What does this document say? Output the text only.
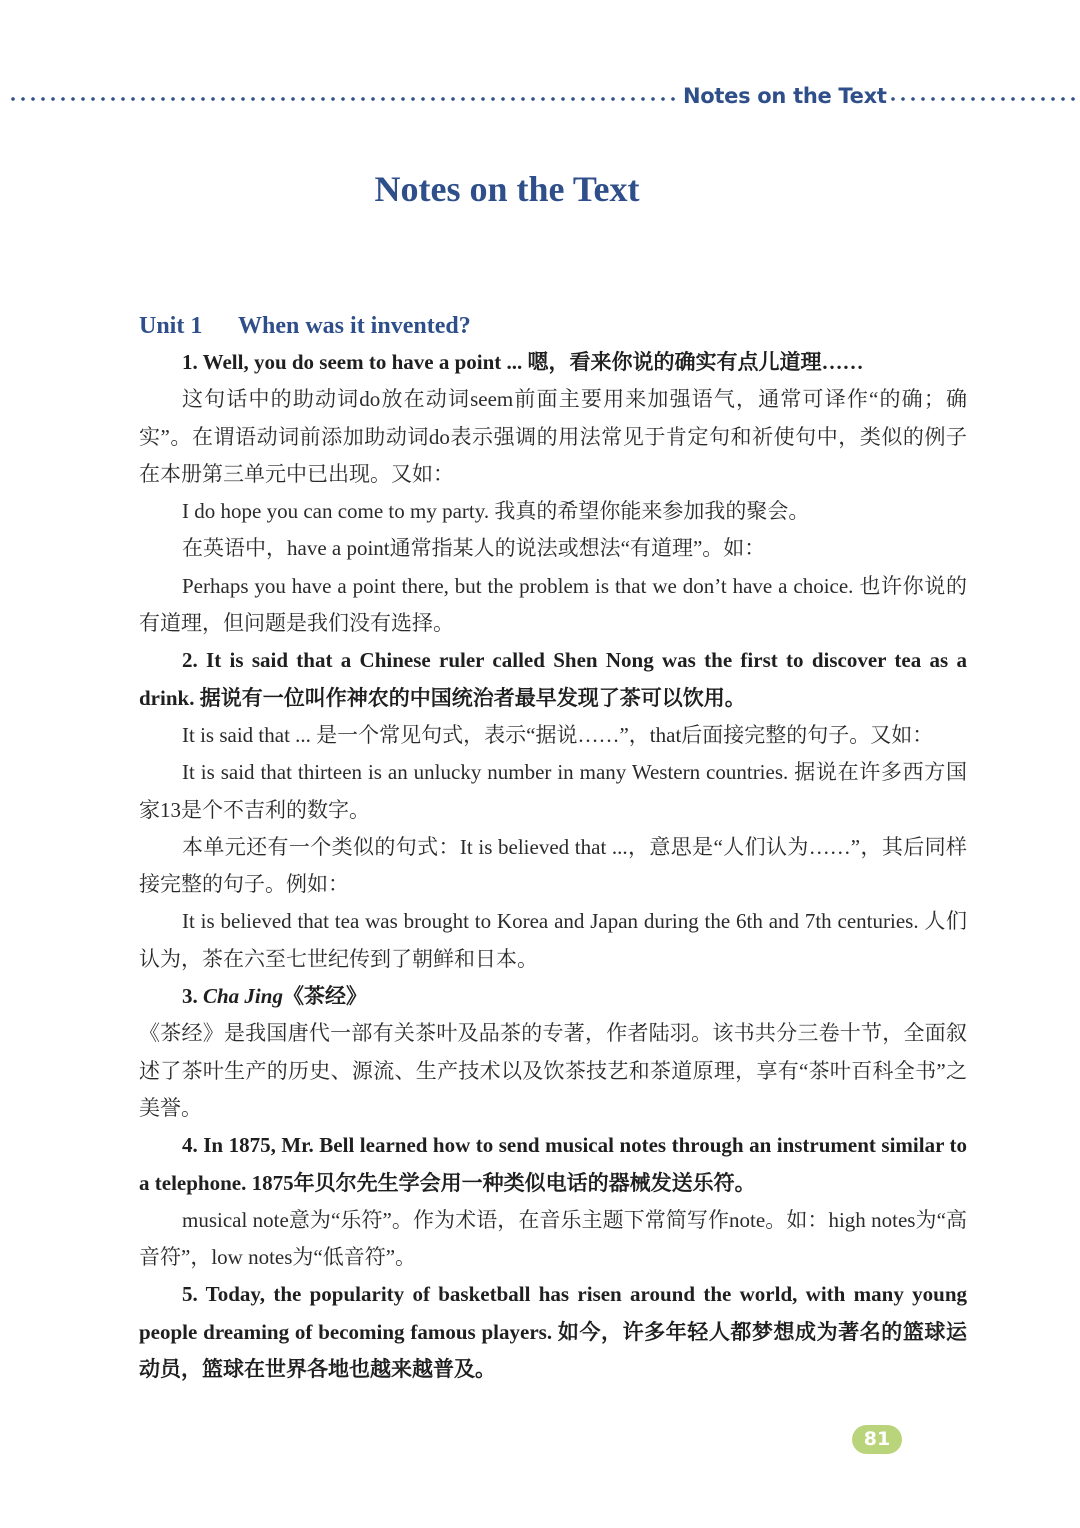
Notes on the Text
Notes on the Text
Unit 1 When was it invented?

1. Well, you do seem to have a point ... 嗯，看来你说的确实有点儿道理……

这句话中的助动词do放在动词seem前面主要用来加强语气，通常可译作“的确；确实”。在谓语动词前添加助动词do表示强调的用法常见于肯定句和祈使句中，类似的例子在本册第三单元中已出现。又如：

I do hope you can come to my party. 我真的希望你能来参加我的聚会。

在英语中，have a point通常指某人的说法或想法“有道理”。如：

Perhaps you have a point there, but the problem is that we don’t have a choice. 也许你说的有道理，但问题是我们没有选择。

2. It is said that a Chinese ruler called Shen Nong was the first to discover tea as a drink. 据说有一位叫作神农的中国统治者最早发现了茶可以饮用。

It is said that ... 是一个常见句式，表示“据说……”，that后面接完整的句子。又如：

It is said that thirteen is an unlucky number in many Western countries. 据说在许多西方国家13是个不吉利的数字。

本单元还有一个类似的句式：It is believed that ...，意思是“人们认为……”，其后同样接完整的句子。例如：

It is believed that tea was brought to Korea and Japan during the 6th and 7th centuries. 人们认为，茶在六至七世纪传到了朝鲜和日本。

3. Cha Jing《茶经》

《茶经》是我国唐代一部有关茶叶及品茶的专著，作者陆羽。该书共分三卷十节，全面叙述了茶叶生产的历史、源流、生产技术以及饮茶技艺和茶道原理，享有“茶叶百科全书”之美誉。

4. In 1875, Mr. Bell learned how to send musical notes through an instrument similar to a telephone. 1875年贝尔先生学会用一种类似电话的器械发送乐符。

musical note意为“乐符”。作为术语，在音乐主题下常简写作note。如：high notes为“高音符”，low notes为“低音符”。

5. Today, the popularity of basketball has risen around the world, with many young people dreaming of becoming famous players. 如今，许多年轻人都梦想成为著名的篮球运动员，篮球在世界各地也越来越普及。

81
